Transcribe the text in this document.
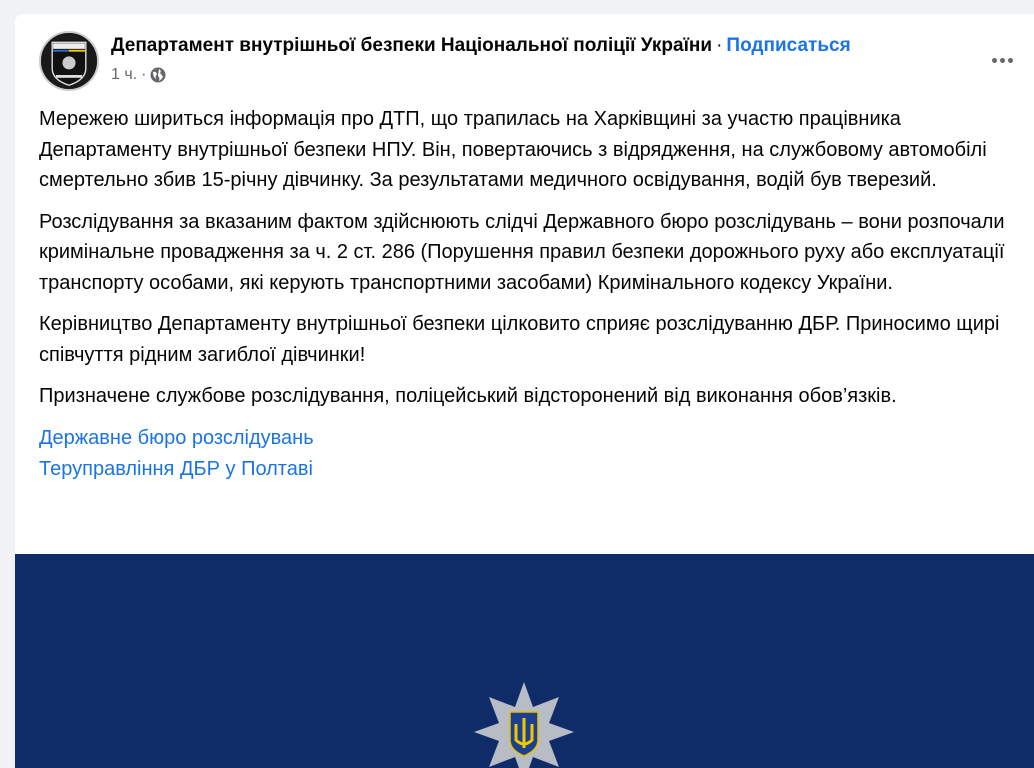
Департамент внутрішньої безпеки Національної поліції України · Подписаться
1 ч. ·

Мережею шириться інформація про ДТП, що трапилась на Харківщині за участю працівника Департаменту внутрішньої безпеки НПУ. Він, повертаючись з відрядження, на службовому автомобілі смертельно збив 15-річну дівчинку. За результатами медичного освідування, водій був тверезий.

Розслідування за вказаним фактом здійснюють слідчі Державного бюро розслідувань – вони розпочали кримінальне провадження за ч. 2 ст. 286 (Порушення правил безпеки дорожнього руху або експлуатації транспорту особами, які керують транспортними засобами) Кримінального кодексу України.

Керівництво Департаменту внутрішньої безпеки цілковито сприяє розслідуванню ДБР. Приносимо щирі співчуття рідним загиблої дівчинки!

Призначене службове розслідування, поліцейський відсторонений від виконання обов’язків.

Державне бюро розслідувань
Теруправління ДБР у Полтаві
